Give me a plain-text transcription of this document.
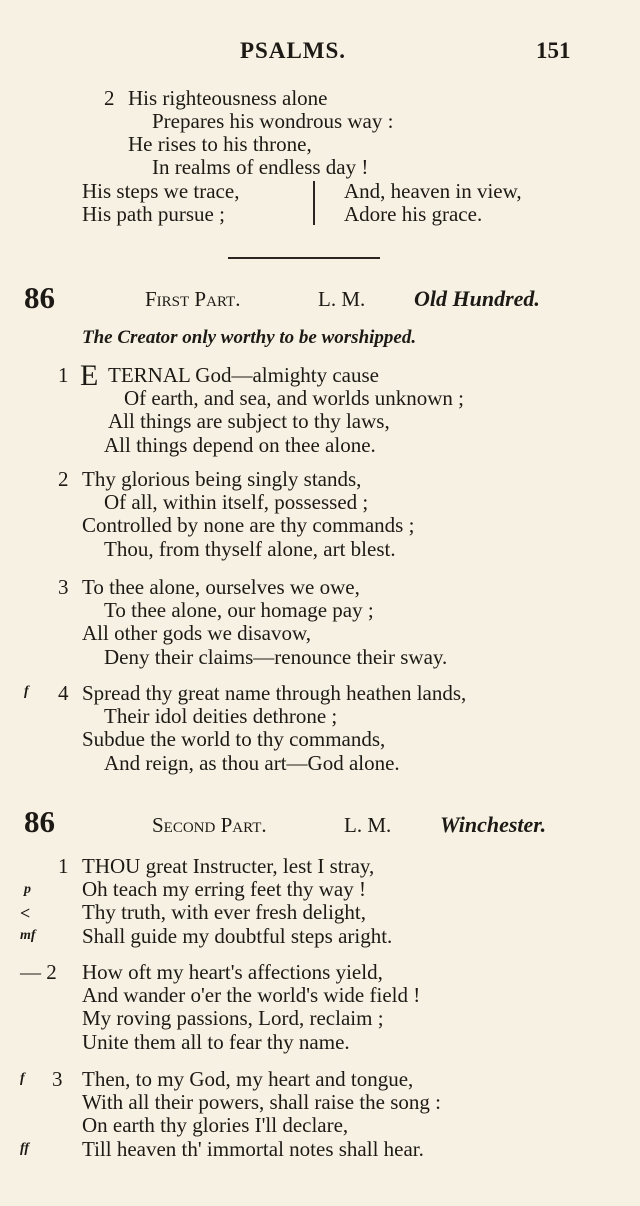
PSALMS.	151
2 His righteousness alone
Prepares his wondrous way :
He rises to his throne,
In realms of endless day !
His steps we trace,
His path pursue ;
And, heaven in view,
Adore his grace.
86	First Part.	L. M. Old Hundred.
The Creator only worthy to be worshipped.
1 E TERNAL God—almighty cause
Of earth, and sea, and worlds unknown ;
All things are subject to thy laws,
All things depend on thee alone.
2 Thy glorious being singly stands,
Of all, within itself, possessed ;
Controlled by none are thy commands ;
Thou, from thyself alone, art blest.
3 To thee alone, ourselves we owe,
To thee alone, our homage pay ;
All other gods we disavow,
Deny their claims—renounce their sway.
f 4 Spread thy great name through heathen lands,
Their idol deities dethrone ;
Subdue the world to thy commands,
And reign, as thou art—God alone.
86	Second Part.	L. M. Winchester.
1 THOU great Instructer, lest I stray,
p Oh teach my erring feet thy way !
< Thy truth, with ever fresh delight,
mf Shall guide my doubtful steps aright.
— 2 How oft my heart's affections yield,
And wander o'er the world's wide field !
My roving passions, Lord, reclaim ;
Unite them all to fear thy name.
f 3 Then, to my God, my heart and tongue,
With all their powers, shall raise the song :
On earth thy glories I'll declare,
ff	Till heaven th' immortal notes shall hear.
